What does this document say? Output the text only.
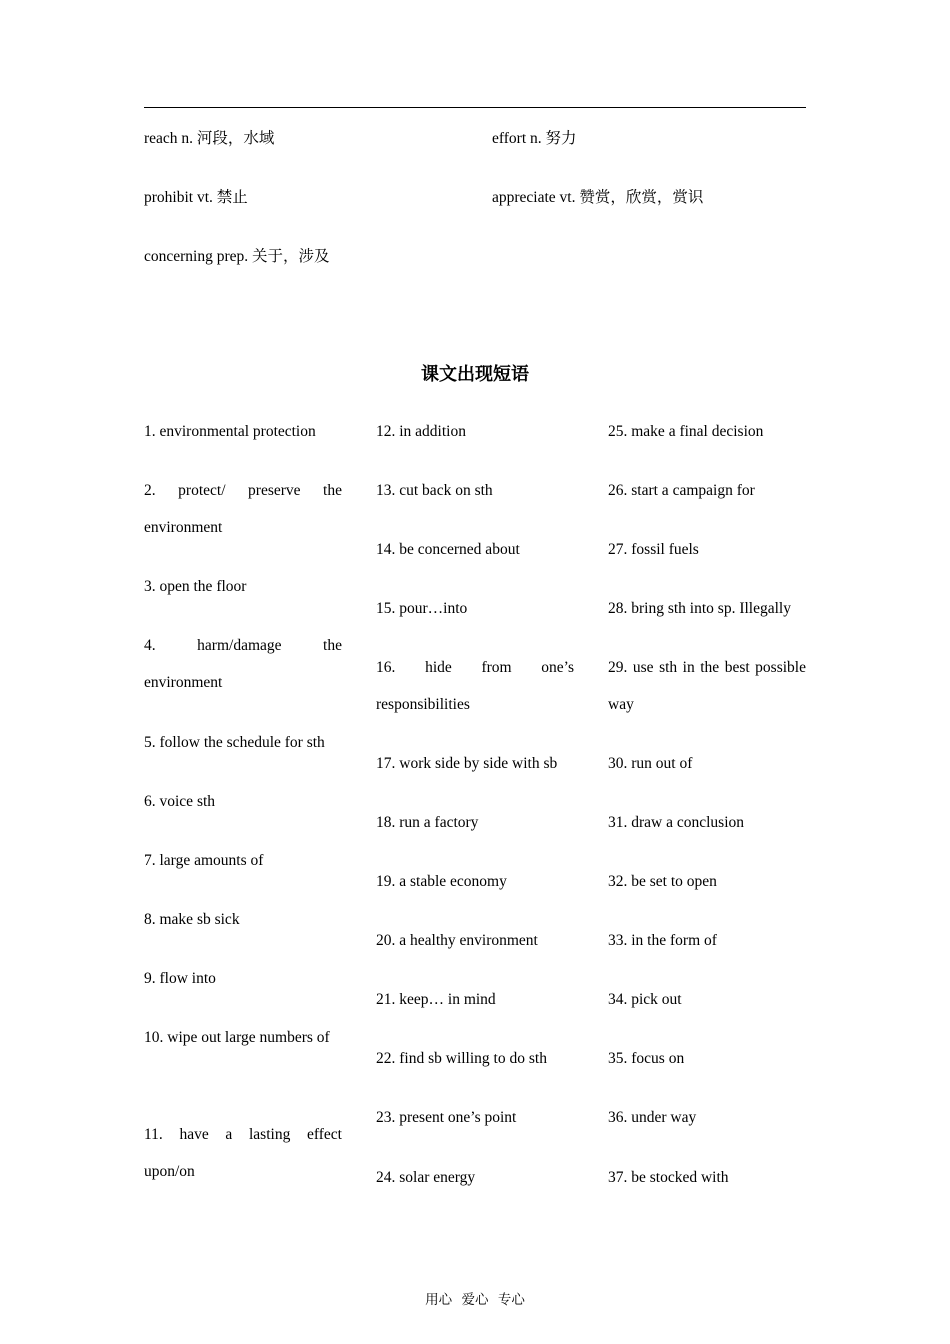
reach n. 河段，水域	effort n. 努力
prohibit vt. 禁止	appreciate vt. 赞赏，欣赏，赏识
concerning prep. 关于，涉及
课文出现短语
1. environmental protection
2. protect/ preserve the environment
3. open the floor
4. harm/damage the environment
5. follow the schedule for sth
6. voice sth
7. large amounts of
8. make sb sick
9. flow into
10. wipe out large numbers of
11. have a lasting effect upon/on
12. in addition
13. cut back on sth
14. be concerned about
15. pour…into
16. hide from one’s responsibilities
17. work side by side with sb
18. run a factory
19. a stable economy
20. a healthy environment
21. keep… in mind
22. find sb willing to do sth
23. present one’s point
24. solar energy
25. make a final decision
26. start a campaign for
27. fossil fuels
28. bring sth into sp. Illegally
29. use sth in the best possible way
30. run out of
31. draw a conclusion
32. be set to open
33. in the form of
34. pick out
35. focus on
36. under way
37. be stocked with
用心 爱心 专心
